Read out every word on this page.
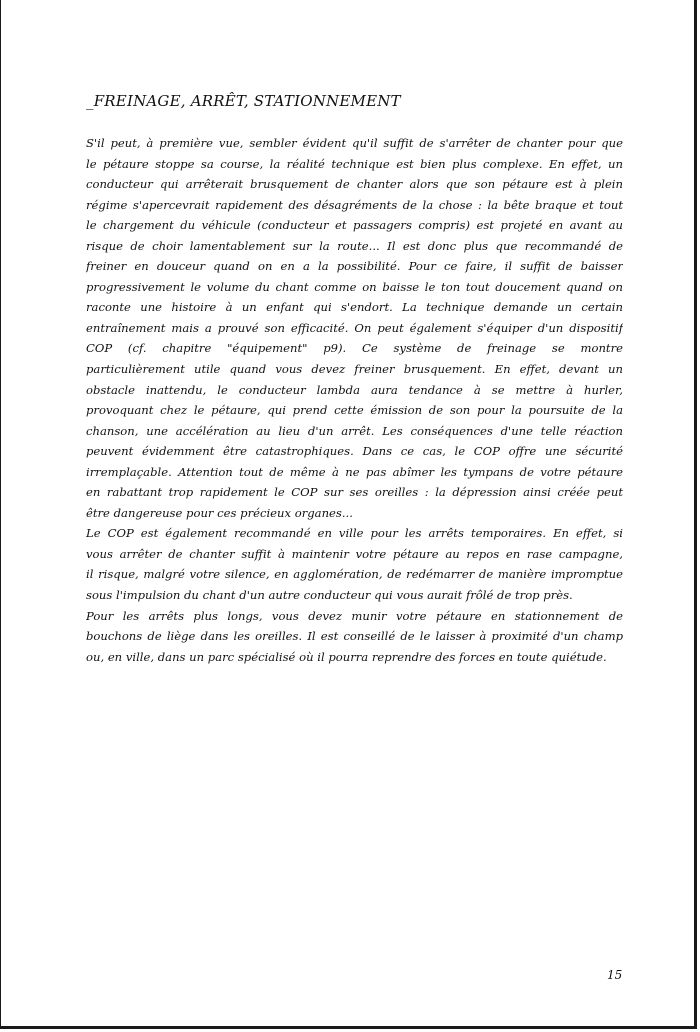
_FREINAGE, ARRÊT, STATIONNEMENT
S'il peut, à première vue, sembler évident qu'il suffit de s'arrêter de chanter pour que
le pétaure stoppe sa course, la réalité technique est bien plus complexe. En effet, un
conducteur qui arrêterait brusquement de chanter alors que son pétaure est à plein
régime s'apercevrait rapidement des désagréments de la chose : la bête braque et tout
le chargement du véhicule (conducteur et passagers compris) est projeté en avant au
risque de choir lamentablement sur la route... Il est donc plus que recommandé de
freiner en douceur quand on en a la possibilité. Pour ce faire, il suffit de baisser
progressivement le volume du chant comme on baisse le ton tout doucement quand on
raconte une histoire à un enfant qui s'endort. La technique demande un certain
entraînement mais a prouvé son efficacité. On peut également s'équiper d'un dispositif
COP (cf. chapitre "équipement" p9). Ce système de freinage se montre
particulièrement utile quand vous devez freiner brusquement. En effet, devant un
obstacle inattendu, le conducteur lambda aura tendance à se mettre à hurler,
provoquant chez le pétaure, qui prend cette émission de son pour la poursuite de la
chanson, une accélération au lieu d'un arrêt. Les conséquences d'une telle réaction
peuvent évidemment être catastrophiques. Dans ce cas, le COP offre une sécurité
irremplaçable. Attention tout de même à ne pas abîmer les tympans de votre pétaure
en rabattant trop rapidement le COP sur ses oreilles : la dépression ainsi créée peut
être dangereuse pour ces précieux organes...
Le COP est également recommandé en ville pour les arrêts temporaires. En effet, si
vous arrêter de chanter suffit à maintenir votre pétaure au repos en rase campagne,
il risque, malgré votre silence, en agglomération, de redémarrer de manière impromptue
sous l'impulsion du chant d'un autre conducteur qui vous aurait frôlé de trop près.
Pour les arrêts plus longs, vous devez munir votre pétaure en stationnement de
bouchons de liège dans les oreilles. Il est conseillé de le laisser à proximité d'un champ
ou, en ville, dans un parc spécialisé où il pourra reprendre des forces en toute quiétude.
15
